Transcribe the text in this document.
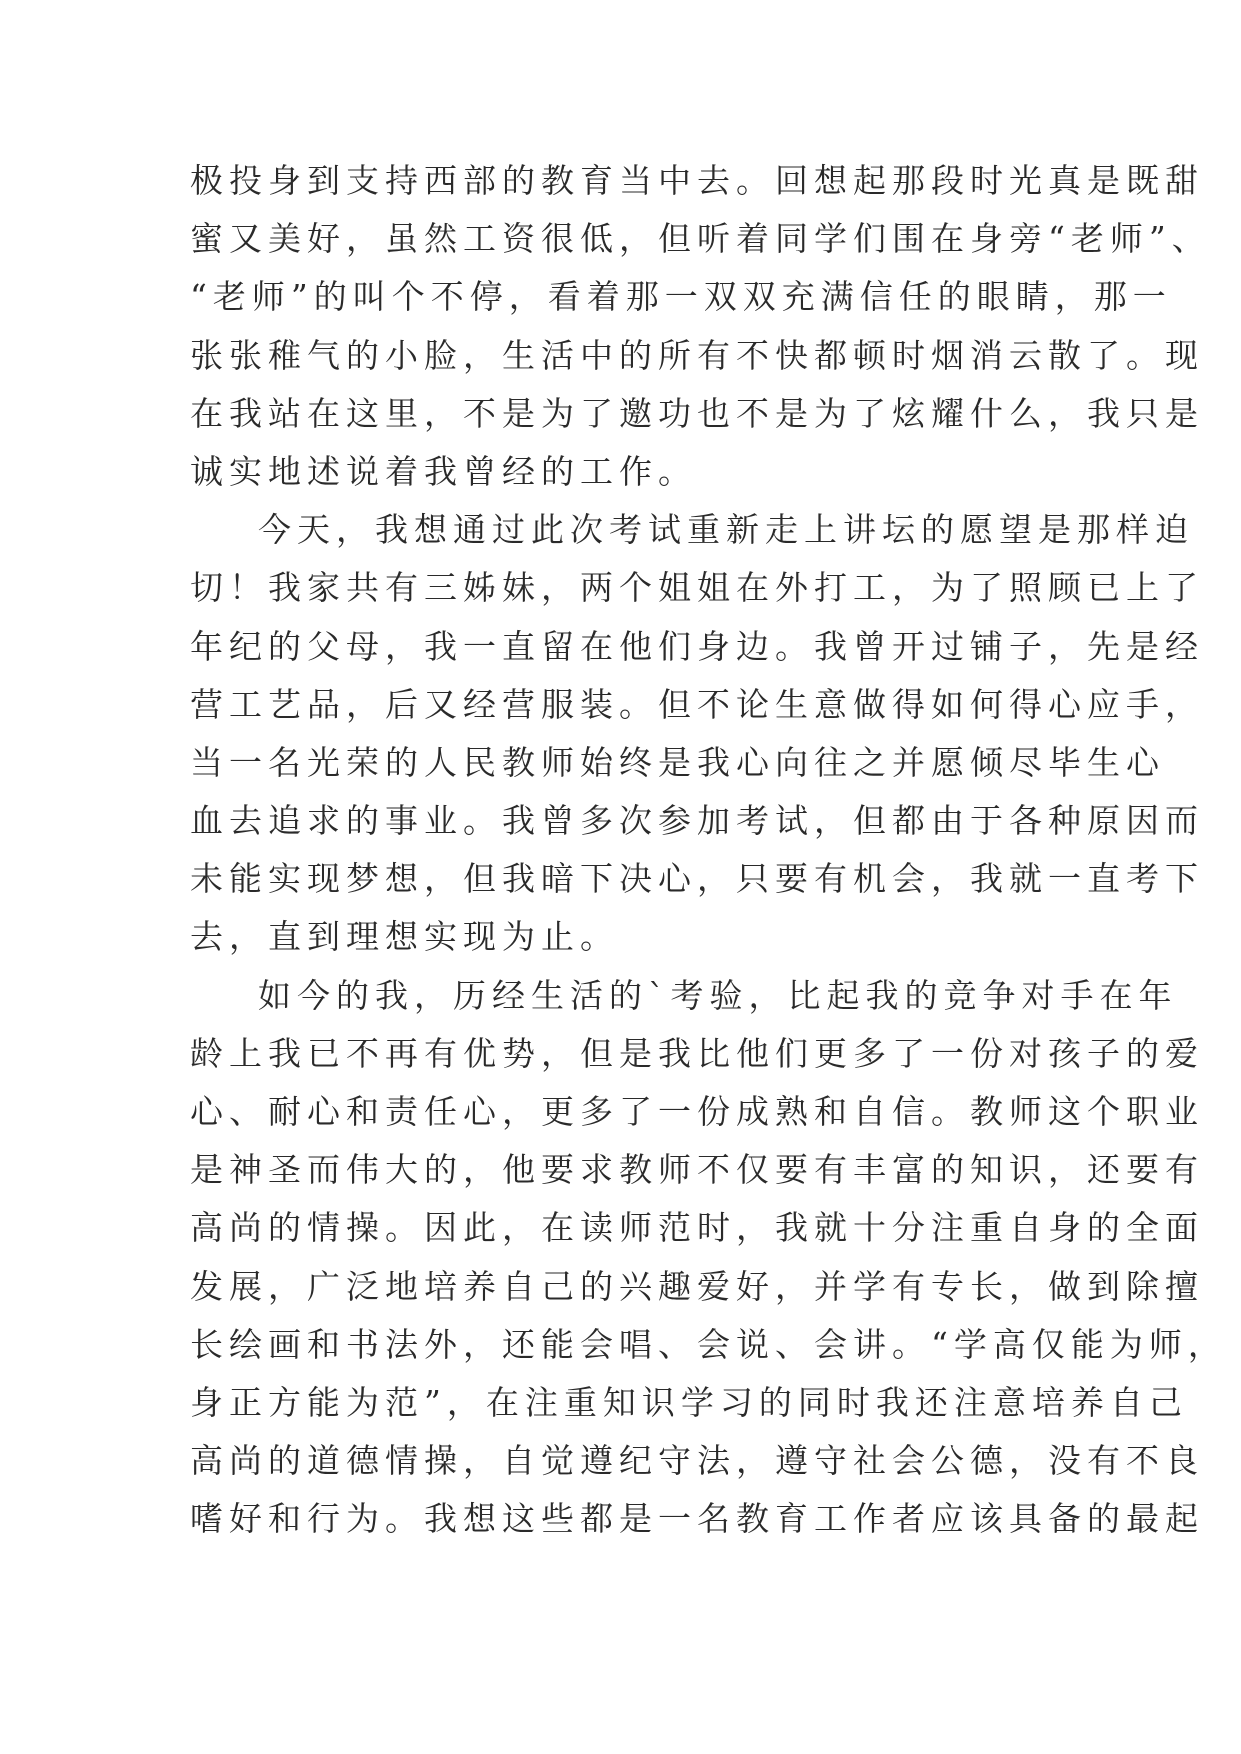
极投身到支持西部的教育当中去。回想起那段时光真是既甜
蜜又美好，虽然工资很低，但听着同学们围在身旁“老师”、
“老师”的叫个不停，看着那一双双充满信任的眼睛，那一
张张稚气的小脸，生活中的所有不快都顿时烟消云散了。现
在我站在这里，不是为了邀功也不是为了炫耀什么，我只是
诚实地述说着我曾经的工作。
今天，我想通过此次考试重新走上讲坛的愿望是那样迫
切！我家共有三姊妹，两个姐姐在外打工，为了照顾已上了
年纪的父母，我一直留在他们身边。我曾开过铺子，先是经
营工艺品，后又经营服装。但不论生意做得如何得心应手，
当一名光荣的人民教师始终是我心向往之并愿倾尽毕生心
血去追求的事业。我曾多次参加考试，但都由于各种原因而
未能实现梦想，但我暗下决心，只要有机会，我就一直考下
去，直到理想实现为止。
如今的我，历经生活的`考验，比起我的竞争对手在年
龄上我已不再有优势，但是我比他们更多了一份对孩子的爱
心、耐心和责任心，更多了一份成熟和自信。教师这个职业
是神圣而伟大的，他要求教师不仅要有丰富的知识，还要有
高尚的情操。因此，在读师范时，我就十分注重自身的全面
发展，广泛地培养自己的兴趣爱好，并学有专长，做到除擅
长绘画和书法外，还能会唱、会说、会讲。“学高仅能为师，
身正方能为范”，在注重知识学习的同时我还注意培养自己
高尚的道德情操，自觉遵纪守法，遵守社会公德，没有不良
嗜好和行为。我想这些都是一名教育工作者应该具备的最起
